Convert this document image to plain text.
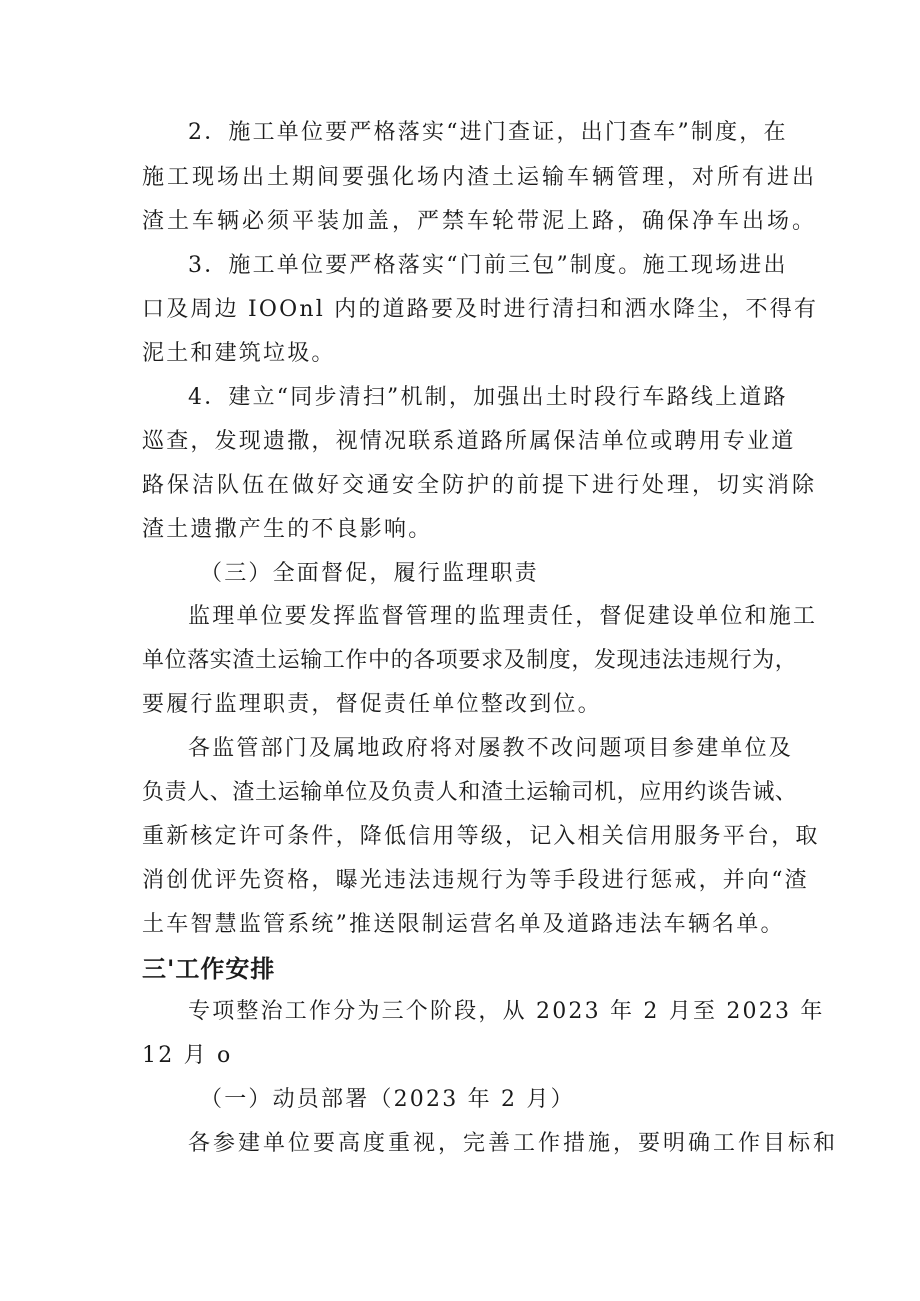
2．施工单位要严格落实“进门查证，出门查车”制度，在
施工现场出土期间要强化场内渣土运输车辆管理，对所有进出
渣土车辆必须平装加盖，严禁车轮带泥上路，确保净车出场。
3．施工单位要严格落实“门前三包”制度。施工现场进出
口及周边 IOOnl 内的道路要及时进行清扫和洒水降尘，不得有
泥土和建筑垃圾。
4．建立“同步清扫”机制，加强出土时段行车路线上道路
巡查，发现遗撒，视情况联系道路所属保洁单位或聘用专业道
路保洁队伍在做好交通安全防护的前提下进行处理，切实消除
渣土遗撒产生的不良影响。
（三）全面督促，履行监理职责
监理单位要发挥监督管理的监理责任，督促建设单位和施工
单位落实渣土运输工作中的各项要求及制度，发现违法违规行为，
要履行监理职责，督促责任单位整改到位。
各监管部门及属地政府将对屡教不改问题项目参建单位及
负责人、渣土运输单位及负责人和渣土运输司机，应用约谈告诫、
重新核定许可条件，降低信用等级，记入相关信用服务平台，取
消创优评先资格，曝光违法违规行为等手段进行惩戒，并向“渣
土车智慧监管系统”推送限制运营名单及道路违法车辆名单。
三'工作安排
专项整治工作分为三个阶段，从 2023 年 2 月至 2023 年
12 月 o
（一）动员部署（2023 年 2 月）
各参建单位要高度重视，完善工作措施，要明确工作目标和
